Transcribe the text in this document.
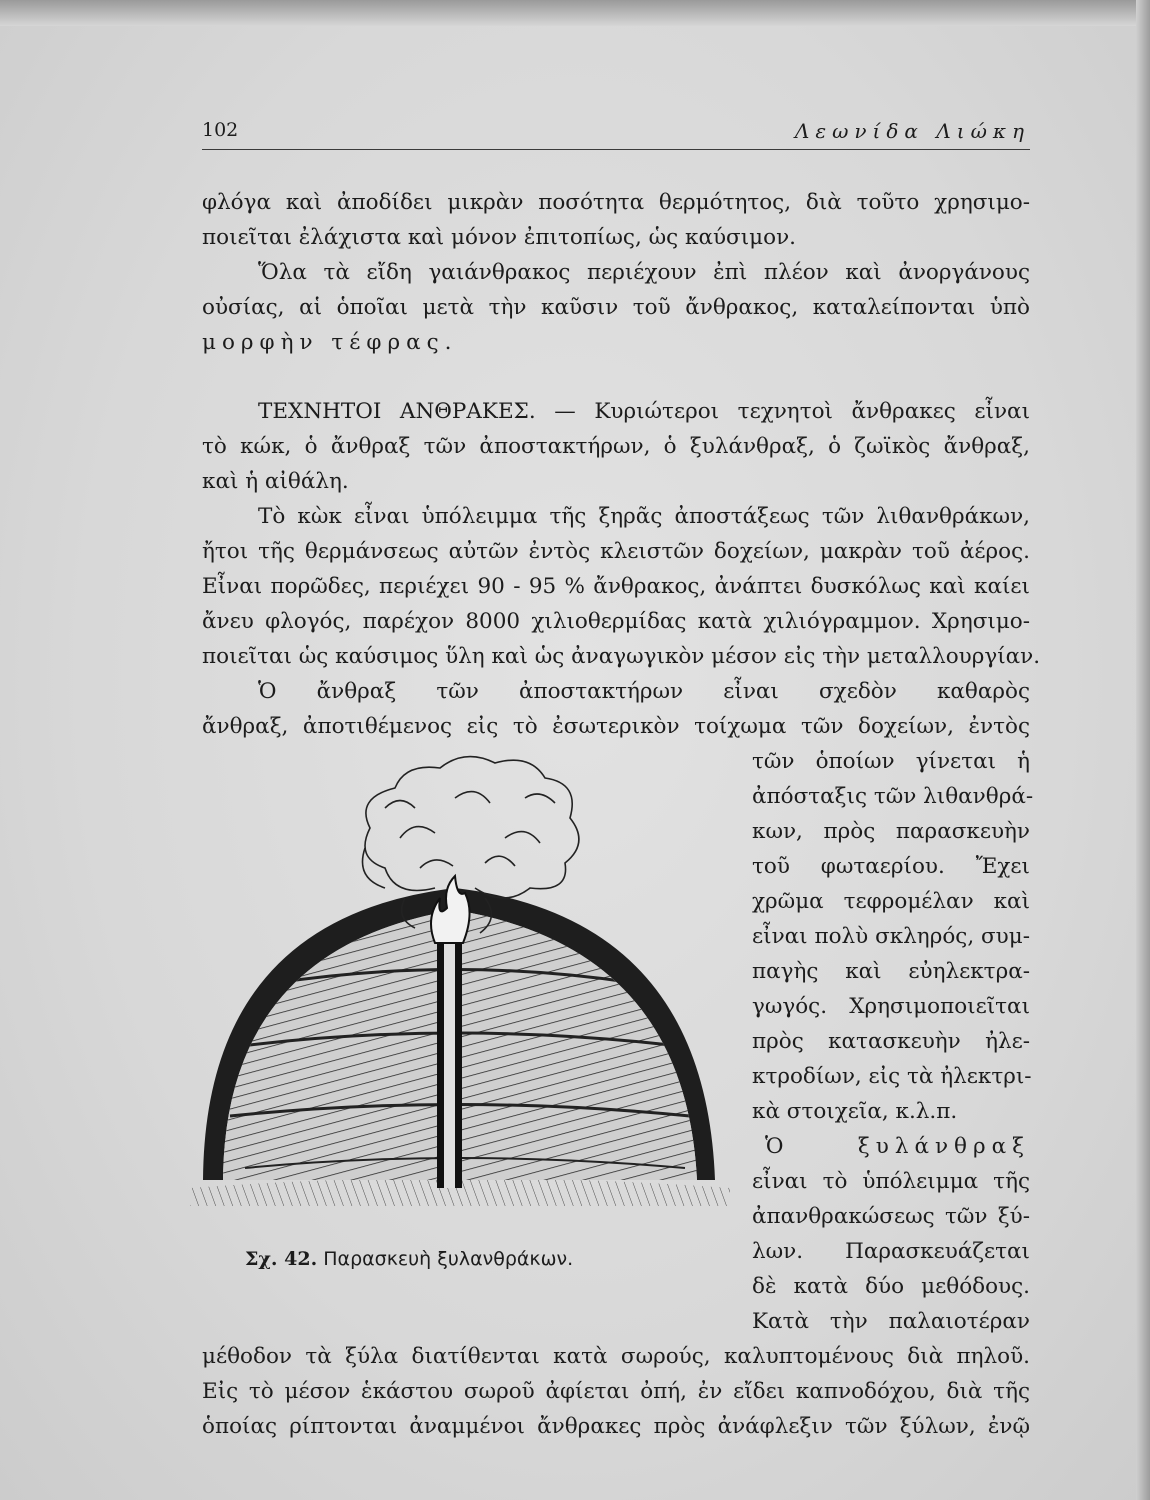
102	Λεωνίδα Λιώκη
φλόγα καὶ ἀποδίδει μικρὰν ποσότητα θερμότητος, διὰ τοῦτο χρησιμο-
ποιεῖται ἐλάχιστα καὶ μόνον ἐπιτοπίως, ὡς καύσιμον.
Ὅλα τὰ εἴδη γαιάνθρακος περιέχουν ἐπὶ πλέον καὶ ἀνοργάνους
οὐσίας, αἱ ὁποῖαι μετὰ τὴν καῦσιν τοῦ ἄνθρακος, καταλείπονται ὑπὸ
μορφὴν τέφρας.
ΤΕΧΝΗΤΟΙ ΑΝΘΡΑΚΕΣ. — Κυριώτεροι τεχνητοὶ ἄνθρακες εἶναι
τὸ κώκ, ὁ ἄνθραξ τῶν ἀποστακτήρων, ὁ ξυλάνθραξ, ὁ ζωϊκὸς ἄνθραξ,
καὶ ἡ αἰθάλη.
Τὸ κὼκ εἶναι ὑπόλειμμα τῆς ξηρᾶς ἀποστάξεως τῶν λιθανθράκων,
ἤτοι τῆς θερμάνσεως αὐτῶν ἐντὸς κλειστῶν δοχείων, μακρὰν τοῦ ἀέρος.
Εἶναι πορῶδες, περιέχει 90 - 95 % ἄνθρακος, ἀνάπτει δυσκόλως καὶ καίει
ἄνευ φλογός, παρέχον 8000 χιλιοθερμίδας κατὰ χιλιόγραμμον. Χρησιμο-
ποιεῖται ὡς καύσιμος ὕλη καὶ ὡς ἀναγωγικὸν μέσον εἰς τὴν μεταλλουργίαν.
Ὁ ἄνθραξ τῶν ἀποστακτήρων εἶναι σχεδὸν καθαρὸς
ἄνθραξ, ἀποτιθέμενος εἰς τὸ ἐσωτερικὸν τοίχωμα τῶν δοχείων, ἐντὸς
τῶν ὁποίων γίνεται ἡ
ἀπόσταξις τῶν λιθανθρά-
κων, πρὸς παρασκευὴν
τοῦ φωταερίου. Ἔχει
χρῶμα τεφρομέλαν καὶ
εἶναι πολὺ σκληρός, συμ-
παγὴς καὶ εὐηλεκτρα-
γωγός. Χρησιμοποιεῖται
πρὸς κατασκευὴν ἠλε-
κτροδίων, εἰς τὰ ἠλεκτρι-
κὰ στοιχεῖα, κ.λ.π.
Ὁ ξυλάνθραξ
εἶναι τὸ ὑπόλειμμα τῆς
ἀπανθρακώσεως τῶν ξύ-
λων. Παρασκευάζεται
δὲ κατὰ δύο μεθόδους.
Κατὰ τὴν παλαιοτέραν
μέθοδον τὰ ξύλα διατίθενται κατὰ σωρούς, καλυπτομένους διὰ πηλοῦ.
Εἰς τὸ μέσον ἑκάστου σωροῦ ἀφίεται ὀπή, ἐν εἴδει καπνοδόχου, διὰ τῆς
ὁποίας ρίπτονται ἀναμμένοι ἄνθρακες πρὸς ἀνάφλεξιν τῶν ξύλων, ἐνῷ
Σχ. 42. Παρασκευὴ ξυλανθράκων.
